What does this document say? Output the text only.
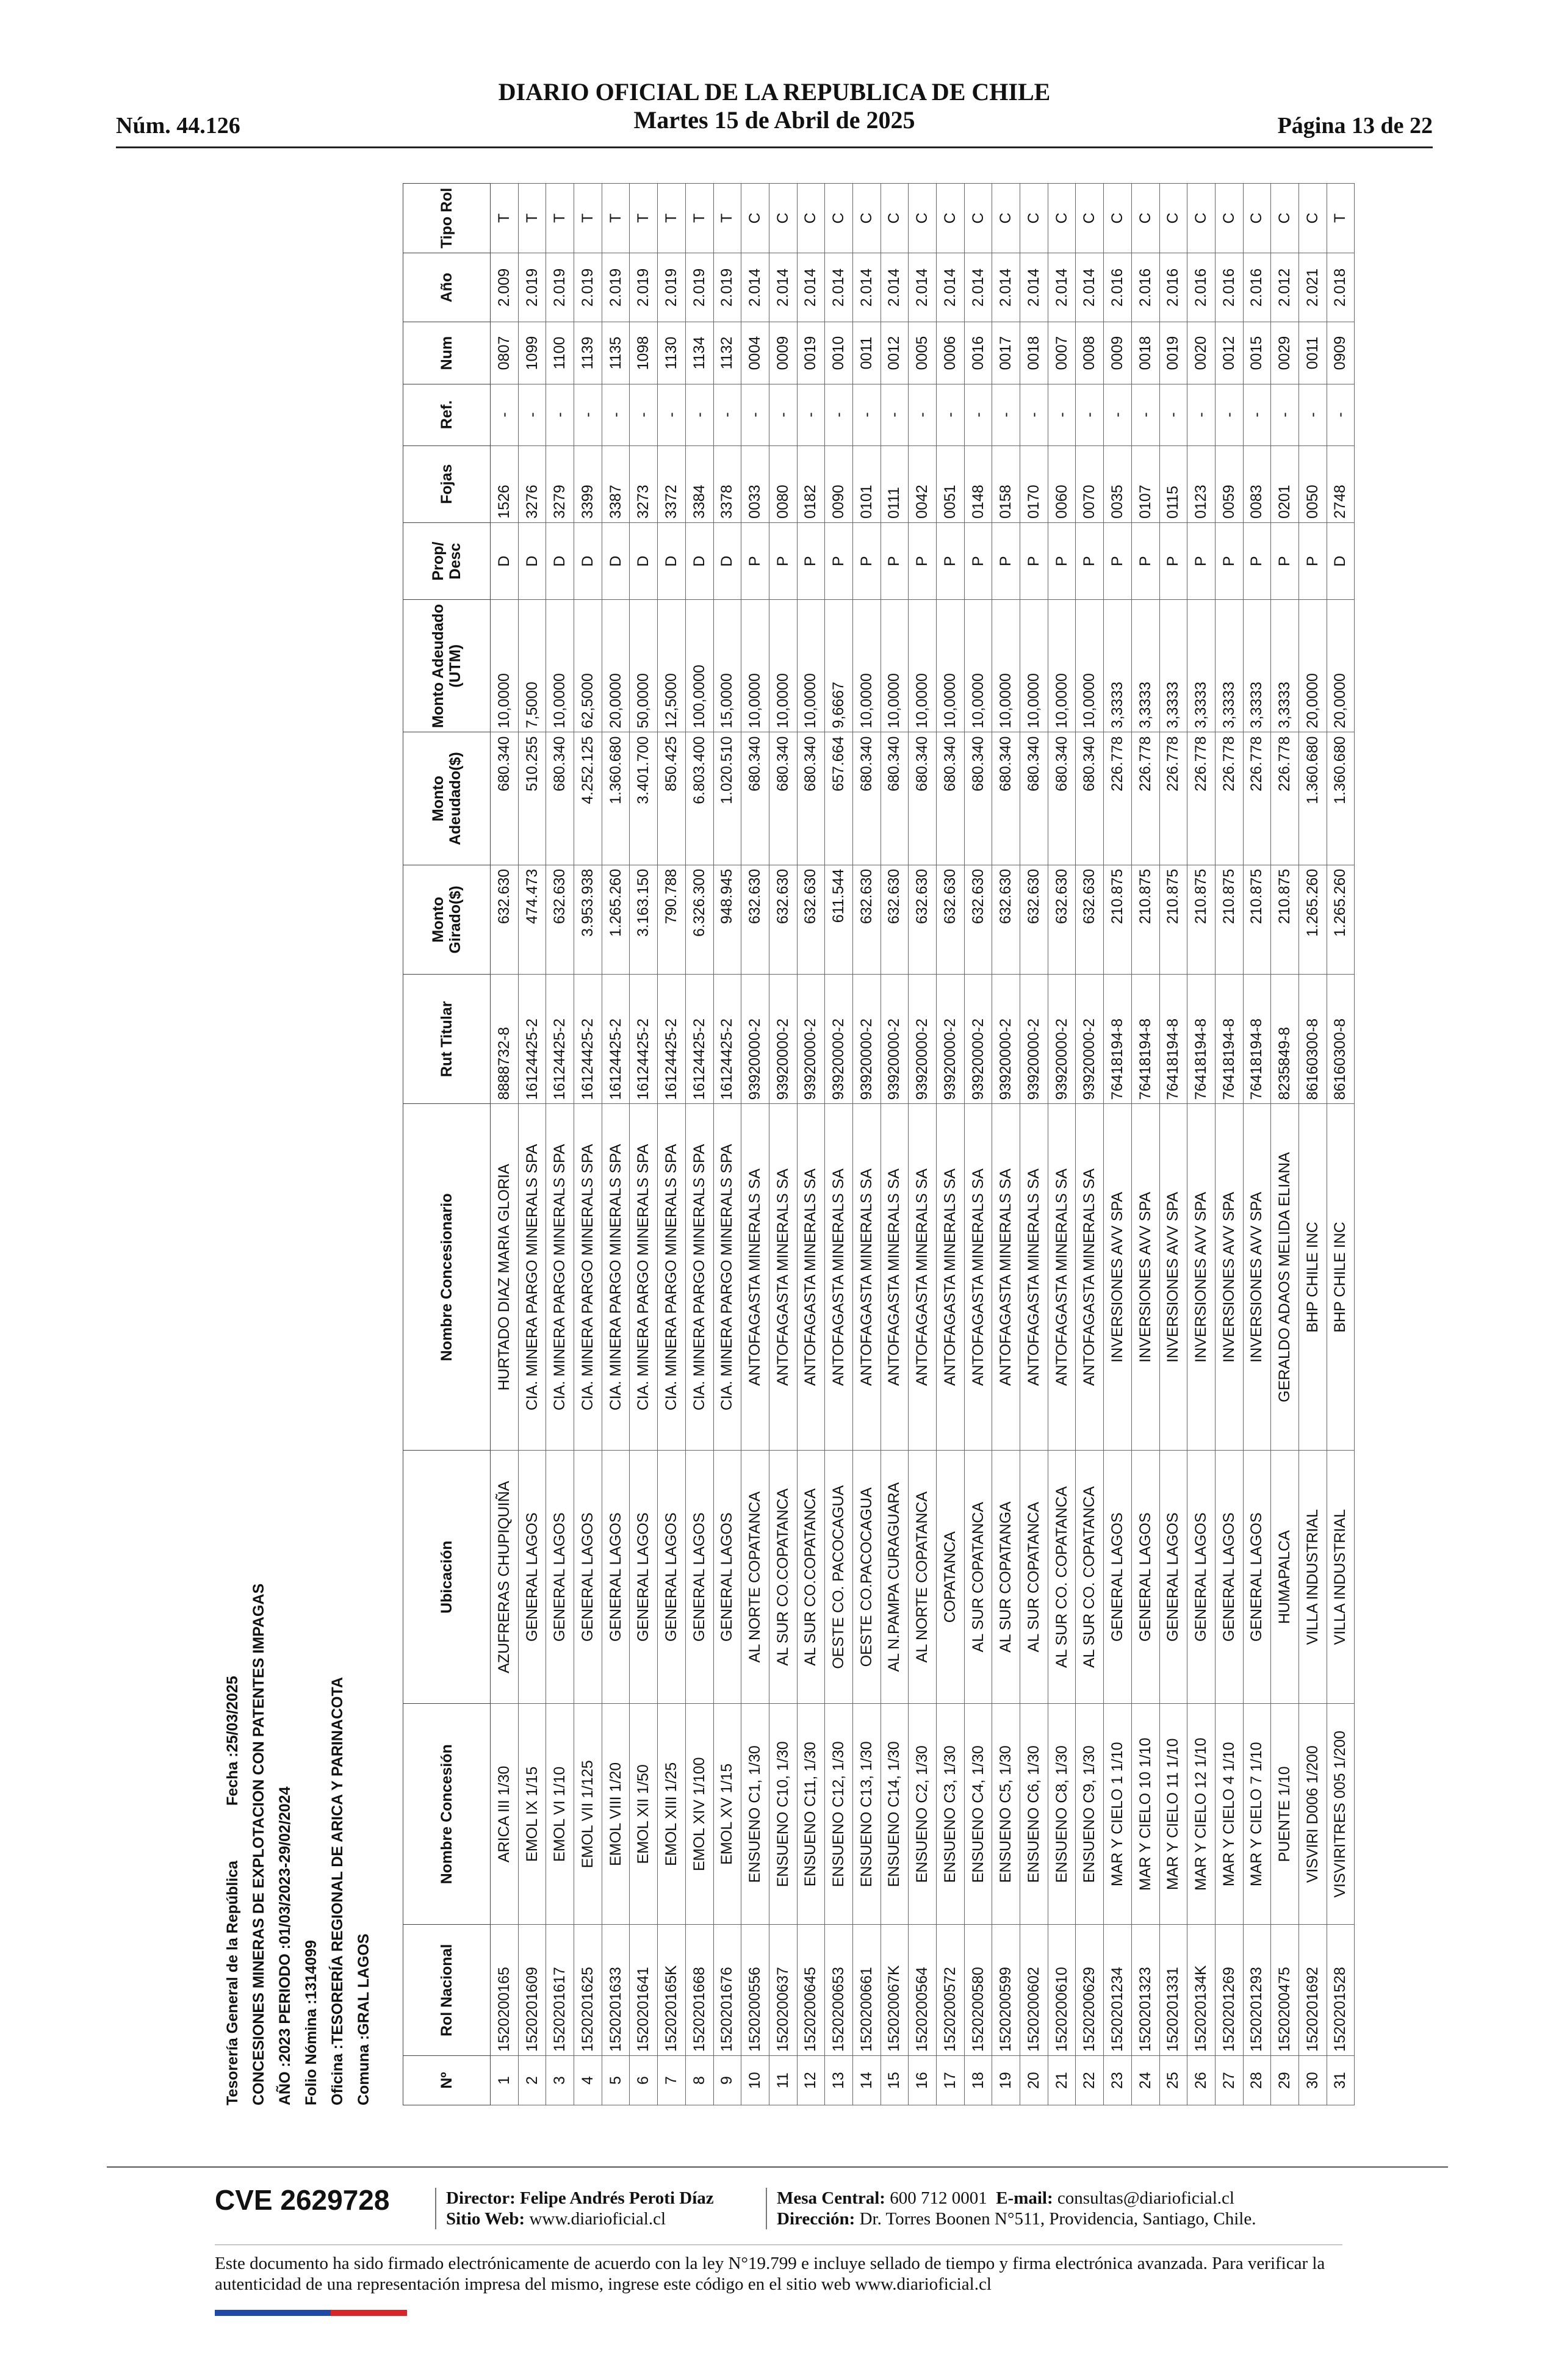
Núm. 44.126
DIARIO OFICIAL DE LA REPUBLICA DE CHILE
Martes 15 de Abril de 2025	Página 13 de 22
Tesorería General de la República
Fecha :25/03/2025 CONCESIONES MINERAS DE EXPLOTACION CON PATENTES IMPAGAS AÑO :2023 PERIODO :01/03/2023-29/02/2024 Folio Nómina :1314099 Oficina :TESORERÍA REGIONAL DE ARICA Y PARINACOTA Comuna :GRAL LAGOS	Nº	Rol Nacional	Nombre Concesión	Ubicación	Nombre Concesionario	Rut Titular	Monto Girado($)	Monto Adeudado($)	Monto Adeudado (UTM)	Prop/ Desc	Fojas	Ref.	Num	Año	Tipo Rol
1	1520200165	ARICA III 1/30	AZUFRERAS CHUPIQUIÑA	HURTADO DIAZ MARIA GLORIA	8888732-8	632.630	680.340	10,0000	D	1526	-	0807	2.009	T
2	1520201609	EMOL IX 1/15	GENERAL LAGOS	CIA. MINERA PARGO MINERALS SPA	16124425-2	474.473	510.255	7,5000	D	3276	-	1099	2.019	T
3	1520201617	EMOL VI 1/10	GENERAL LAGOS	CIA. MINERA PARGO MINERALS SPA	16124425-2	632.630	680.340	10,0000	D	3279	-	1100	2.019	T
4	1520201625	EMOL VII 1/125	GENERAL LAGOS	CIA. MINERA PARGO MINERALS SPA	16124425-2	3.953.938	4.252.125	62,5000	D	3399	-	1139	2.019	T
5	1520201633	EMOL VIII 1/20	GENERAL LAGOS	CIA. MINERA PARGO MINERALS SPA	16124425-2	1.265.260	1.360.680	20,0000	D	3387	-	1135	2.019	T
6	1520201641	EMOL XII 1/50	GENERAL LAGOS	CIA. MINERA PARGO MINERALS SPA	16124425-2	3.163.150	3.401.700	50,0000	D	3273	-	1098	2.019	T
7	152020165K	EMOL XIII 1/25	GENERAL LAGOS	CIA. MINERA PARGO MINERALS SPA	16124425-2	790.788	850.425	12,5000	D	3372	-	1130	2.019	T
8	1520201668	EMOL XIV 1/100	GENERAL LAGOS	CIA. MINERA PARGO MINERALS SPA	16124425-2	6.326.300	6.803.400	100,0000	D	3384	-	1134	2.019	T
9	1520201676	EMOL XV 1/15	GENERAL LAGOS	CIA. MINERA PARGO MINERALS SPA	16124425-2	948.945	1.020.510	15,0000	D	3378	-	1132	2.019	T
10	1520200556	ENSUENO C1, 1/30	AL NORTE COPATANCA	ANTOFAGASTA MINERALS SA	93920000-2	632.630	680.340	10,0000	P	0033	-	0004	2.014	C
11	1520200637	ENSUENO C10, 1/30	AL SUR CO.COPATANCA	ANTOFAGASTA MINERALS SA	93920000-2	632.630	680.340	10,0000	P	0080	-	0009	2.014	C
12	1520200645	ENSUENO C11, 1/30	AL SUR CO.COPATANCA	ANTOFAGASTA MINERALS SA	93920000-2	632.630	680.340	10,0000	P	0182	-	0019	2.014	C
13	1520200653	ENSUENO C12, 1/30	OESTE CO. PACOCAGUA	ANTOFAGASTA MINERALS SA	93920000-2	611.544	657.664	9,6667	P	0090	-	0010	2.014	C
14	1520200661	ENSUENO C13, 1/30	OESTE CO.PACOCAGUA	ANTOFAGASTA MINERALS SA	93920000-2	632.630	680.340	10,0000	P	0101	-	0011	2.014	C
15	152020067K	ENSUENO C14, 1/30	AL N.PAMPA CURAGUARA	ANTOFAGASTA MINERALS SA	93920000-2	632.630	680.340	10,0000	P	0111	-	0012	2.014	C
16	1520200564	ENSUENO C2, 1/30	AL NORTE COPATANCA	ANTOFAGASTA MINERALS SA	93920000-2	632.630	680.340	10,0000	P	0042	-	0005	2.014	C
17	1520200572	ENSUENO C3, 1/30	COPATANCA	ANTOFAGASTA MINERALS SA	93920000-2	632.630	680.340	10,0000	P	0051	-	0006	2.014	C
18	1520200580	ENSUENO C4, 1/30	AL SUR COPATANCA	ANTOFAGASTA MINERALS SA	93920000-2	632.630	680.340	10,0000	P	0148	-	0016	2.014	C
19	1520200599	ENSUENO C5, 1/30	AL SUR COPATANGA	ANTOFAGASTA MINERALS SA	93920000-2	632.630	680.340	10,0000	P	0158	-	0017	2.014	C
20	1520200602	ENSUENO C6, 1/30	AL SUR COPATANCA	ANTOFAGASTA MINERALS SA	93920000-2	632.630	680.340	10,0000	P	0170	-	0018	2.014	C
21	1520200610	ENSUENO C8, 1/30	AL SUR CO. COPATANCA	ANTOFAGASTA MINERALS SA	93920000-2	632.630	680.340	10,0000	P	0060	-	0007	2.014	C
22	1520200629	ENSUENO C9, 1/30	AL SUR CO. COPATANCA	ANTOFAGASTA MINERALS SA	93920000-2	632.630	680.340	10,0000	P	0070	-	0008	2.014	C
23	1520201234	MAR Y CIELO 1 1/10	GENERAL LAGOS	INVERSIONES AVV SPA	76418194-8	210.875	226.778	3,3333	P	0035	-	0009	2.016	C
24	1520201323	MAR Y CIELO 10 1/10	GENERAL LAGOS	INVERSIONES AVV SPA	76418194-8	210.875	226.778	3,3333	P	0107	-	0018	2.016	C
25	1520201331	MAR Y CIELO 11 1/10	GENERAL LAGOS	INVERSIONES AVV SPA	76418194-8	210.875	226.778	3,3333	P	0115	-	0019	2.016	C
26	152020134K	MAR Y CIELO 12 1/10	GENERAL LAGOS	INVERSIONES AVV SPA	76418194-8	210.875	226.778	3,3333	P	0123	-	0020	2.016	C
27	1520201269	MAR Y CIELO 4 1/10	GENERAL LAGOS	INVERSIONES AVV SPA	76418194-8	210.875	226.778	3,3333	P	0059	-	0012	2.016	C
28	1520201293	MAR Y CIELO 7 1/10	GENERAL LAGOS	INVERSIONES AVV SPA	76418194-8	210.875	226.778	3,3333	P	0083	-	0015	2.016	C
29	1520200475	PUENTE 1/10	HUMAPALCA	GERALDO ADAOS MELIDA ELIANA	8235849-8	210.875	226.778	3,3333	P	0201	-	0029	2.012	C
30	1520201692	VISVIRI D006 1/200	VILLA INDUSTRIAL	BHP CHILE INC	86160300-8	1.265.260	1.360.680	20,0000	P	0050	-	0011	2.021	C
31	1520201528	VISVIRITRES 005 1/200	VILLA INDUSTRIAL	BHP CHILE INC	86160300-8	1.265.260	1.360.680	20,0000	D	2748	-	0909	2.018	T
CVE 2629728	Director: Felipe Andrés Peroti Díaz
Sitio Web: www.diarioficial.cl
Mesa Central: 600 712 0001 E-mail: consultas@diarioficial.cl
Dirección: Dr. Torres Boonen N°511, Providencia, Santiago, Chile.
Este documento ha sido firmado electrónicamente de acuerdo con la ley N°19.799 e incluye sellado de tiempo y firma electrónica avanzada. Para verificar la autenticidad de una representación impresa del mismo, ingrese este código en el sitio web www.diarioficial.cl
